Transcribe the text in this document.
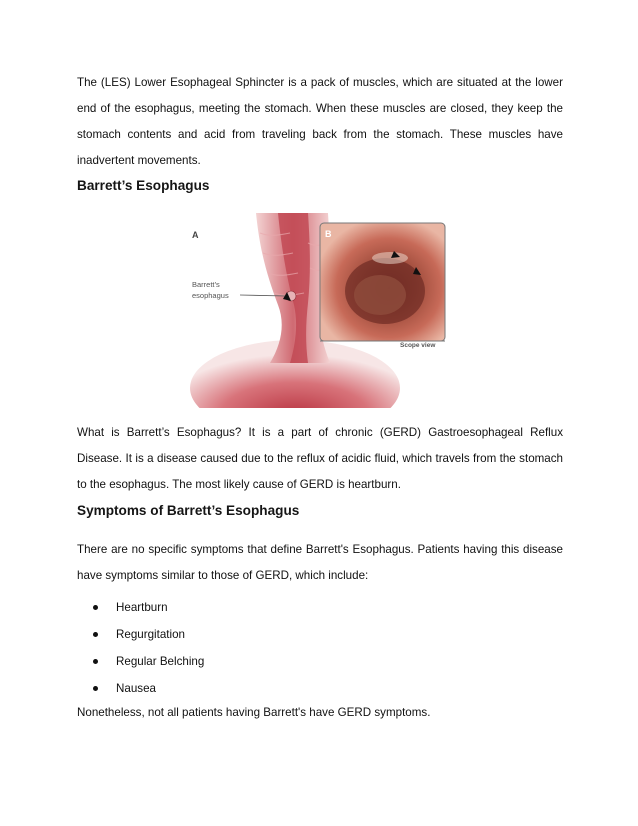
The (LES) Lower Esophageal Sphincter is a pack of muscles, which are situated at the lower end of the esophagus, meeting the stomach. When these muscles are closed, they keep the stomach contents and acid from traveling back from the stomach. These muscles have inadvertent movements.

Barrett’s Esophagus
A
Barrett’s
esophagus
B
Scope view

What is Barrett’s Esophagus? It is a part of chronic (GERD) Gastroesophageal Reflux Disease. It is a disease caused due to the reflux of acidic fluid, which travels from the stomach to the esophagus. The most likely cause of GERD is heartburn.

Symptoms of Barrett’s Esophagus

There are no specific symptoms that define Barrett's Esophagus. Patients having this disease have symptoms similar to those of GERD, which include:

Heartburn
Regurgitation
Regular Belching
Nausea

Nonetheless, not all patients having Barrett's have GERD symptoms.
